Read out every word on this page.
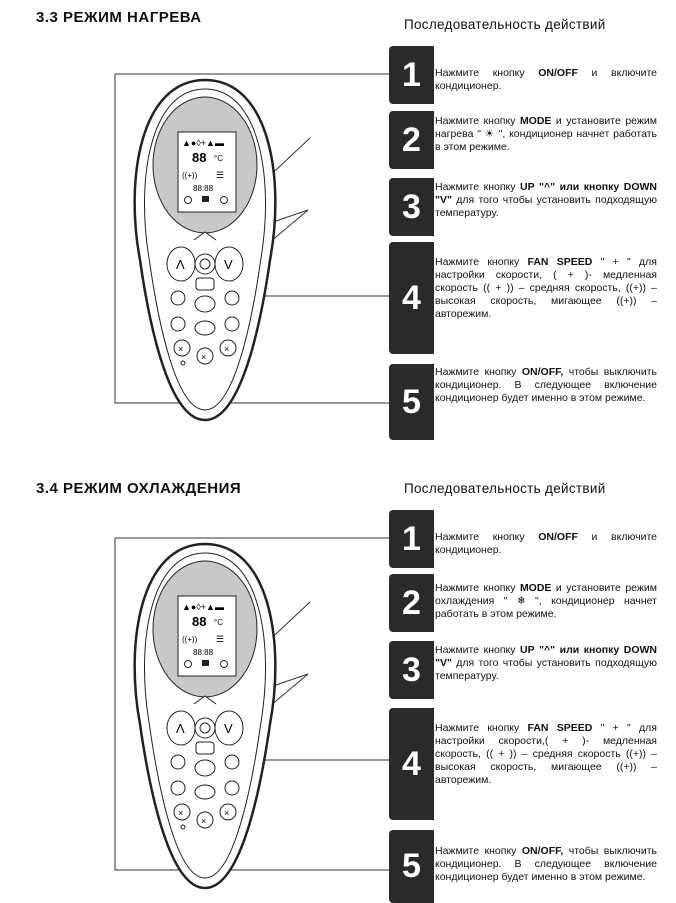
3.3 РЕЖИМ НАГРЕВА	Последовательность действий
▲●◊+▲▬
88 °C
((+)) ☰
88:88
Λ	V
×
×
×
1 Нажмите кнопку ON/OFF и включите кондиционер.
2 Нажмите кнопку MODE и установите режим нагрева " ☀ ", кондиционер начнет работать в этом режиме.
3
Нажмите кнопку UP "^" или кнопку DOWN "V" для того чтобы установить подходящую температуру.
4
Нажмите кнопку FAN SPEED " + " для настройки скорости, ( + )- медленная скорость (( + )) – средняя скорость, ((+)) – высокая скорость, мигающее ((+)) – авторежим.
5
Нажмите кнопку ON/OFF, чтобы выключить кондиционер. В следующее включение кондиционер будет именно в этом режиме.
3.4 РЕЖИМ ОХЛАЖДЕНИЯ	Последовательность действий
▲●◊+▲▬
88 °C
((+)) ☰
88:88
Λ	V
×
×
×
1 Нажмите кнопку ON/OFF и включите кондиционер.
2 Нажмите кнопку MODE и установите режим охлаждения " ❄ ", кондиционер начнет работать в этом режиме.
3
Нажмите кнопку UP "^" или кнопку DOWN "V" для того чтобы установить подходящую температуру.
4
Нажмите кнопку FAN SPEED " + " для настройки скорости,( + )- медленная скорость, (( + )) – средняя скорость ((+)) – высокая скорость, мигающее ((+)) – авторежим.
5 Нажмите кнопку ON/OFF, чтобы выключить кондиционер. В следующее включение кондиционер будет именно в этом режиме.
